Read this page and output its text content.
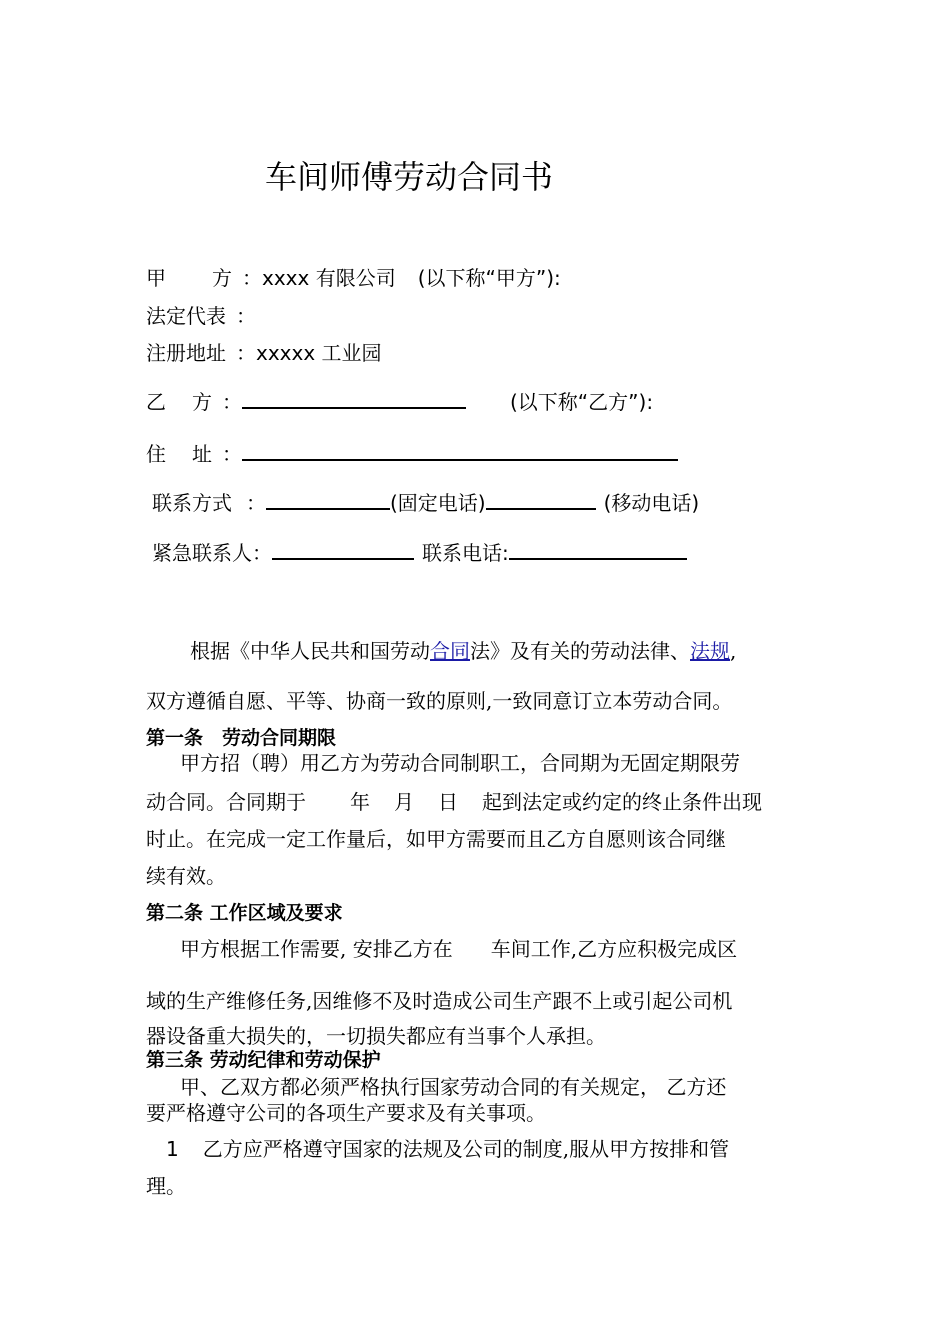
车间师傅劳动合同书
甲 方 ：xxxx 有限公司 (以下称“甲方”):
法定代表 ：
注册地址 ：xxxxx 工业园
乙 方 ：	(以下称“乙方”):
住 址 ：
联系方式 ：	(固定电话)	(移动电话)
紧急联系人：	联系电话:
根据《中华人民共和国劳动合同法》及有关的劳动法律、法规,
双方遵循自愿、平等、协商一致的原则,一致同意订立本劳动合同。
第一条　劳动合同期限
甲方招（聘）用乙方为劳动合同制职工，合同期为无固定期限劳
动合同。合同期于 年 月 日 起到法定或约定的终止条件出现
时止。在完成一定工作量后，如甲方需要而且乙方自愿则该合同继
续有效。
第二条 工作区域及要求
甲方根据工作需要, 安排乙方在 车间工作,乙方应积极完成区
域的生产维修任务,因维修不及时造成公司生产跟不上或引起公司机
器设备重大损失的，一切损失都应有当事个人承担。
第三条 劳动纪律和劳动保护
甲、乙双方都必须严格执行国家劳动合同的有关规定， 乙方还
要严格遵守公司的各项生产要求及有关事项。
1 乙方应严格遵守国家的法规及公司的制度,服从甲方按排和管
理。
